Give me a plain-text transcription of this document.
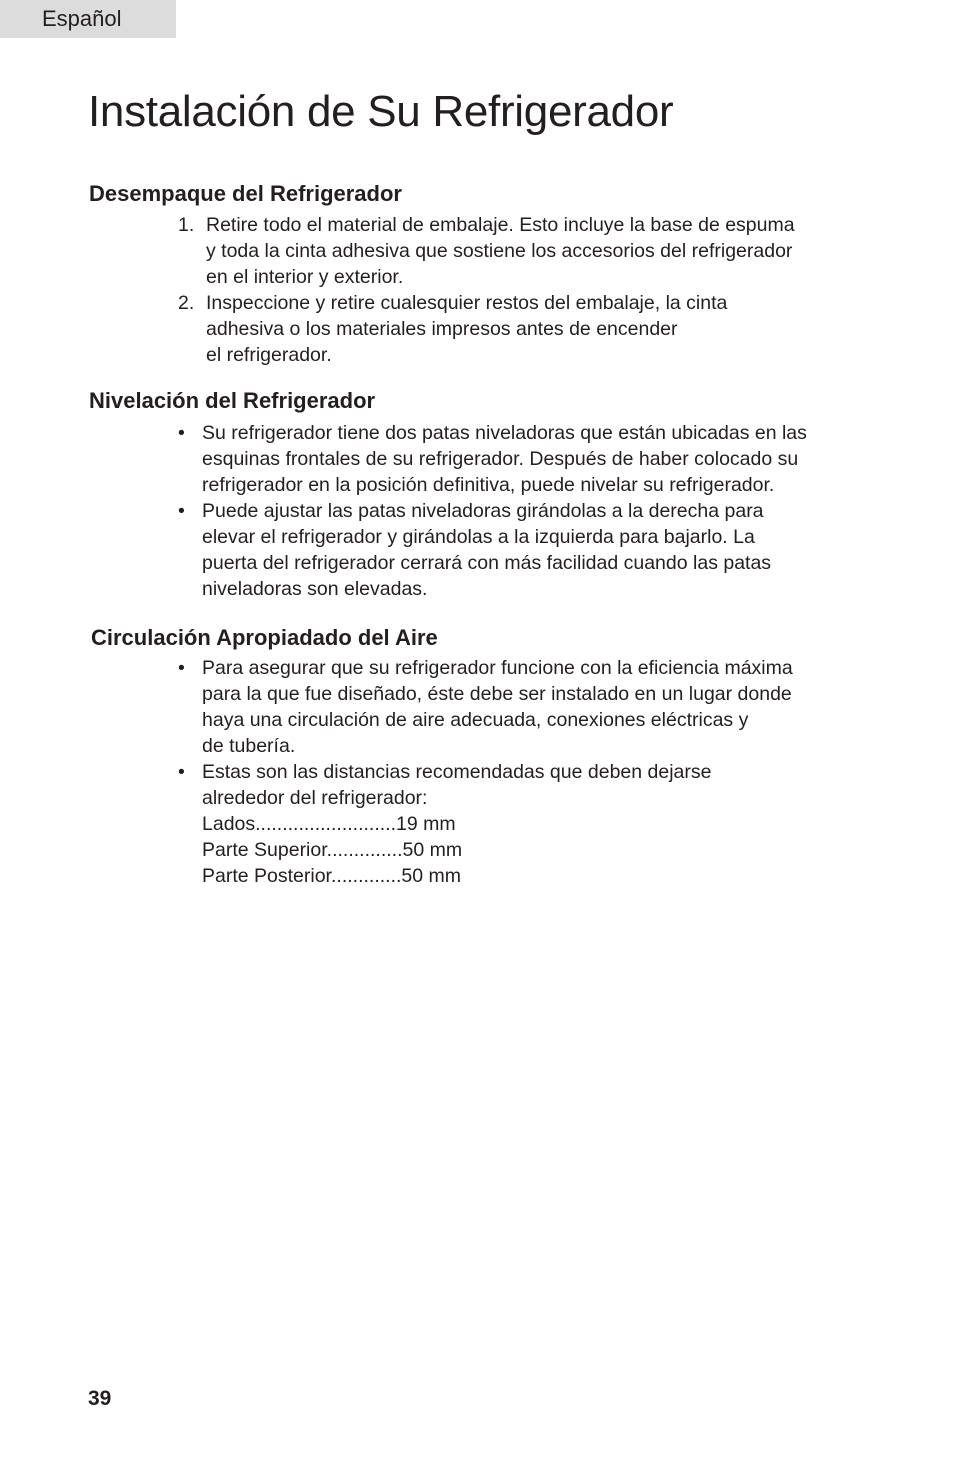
Español
Instalación de Su Refrigerador
Desempaque del Refrigerador
1. Retire todo el material de embalaje. Esto incluye la base de espuma
y toda la cinta adhesiva que sostiene los accesorios del refrigerador
en el interior y exterior.
2. Inspeccione y retire cualesquier restos del embalaje, la cinta
adhesiva o los materiales impresos antes de encender
el refrigerador.
Nivelación del Refrigerador
• Su refrigerador tiene dos patas niveladoras que están ubicadas en las
esquinas frontales de su refrigerador. Después de haber colocado su
refrigerador en la posición definitiva, puede nivelar su refrigerador.
• Puede ajustar las patas niveladoras girándolas a la derecha para
elevar el refrigerador y girándolas a la izquierda para bajarlo. La
puerta del refrigerador cerrará con más facilidad cuando las patas
niveladoras son elevadas.
Circulación Apropiadado del Aire
• Para asegurar que su refrigerador funcione con la eficiencia máxima
para la que fue diseñado, éste debe ser instalado en un lugar donde
haya una circulación de aire adecuada, conexiones eléctricas y
de tubería.
• Estas son las distancias recomendadas que deben dejarse
alrededor del refrigerador:
Lados..........................19 mm
Parte Superior..............50 mm
Parte Posterior.............50 mm
39
